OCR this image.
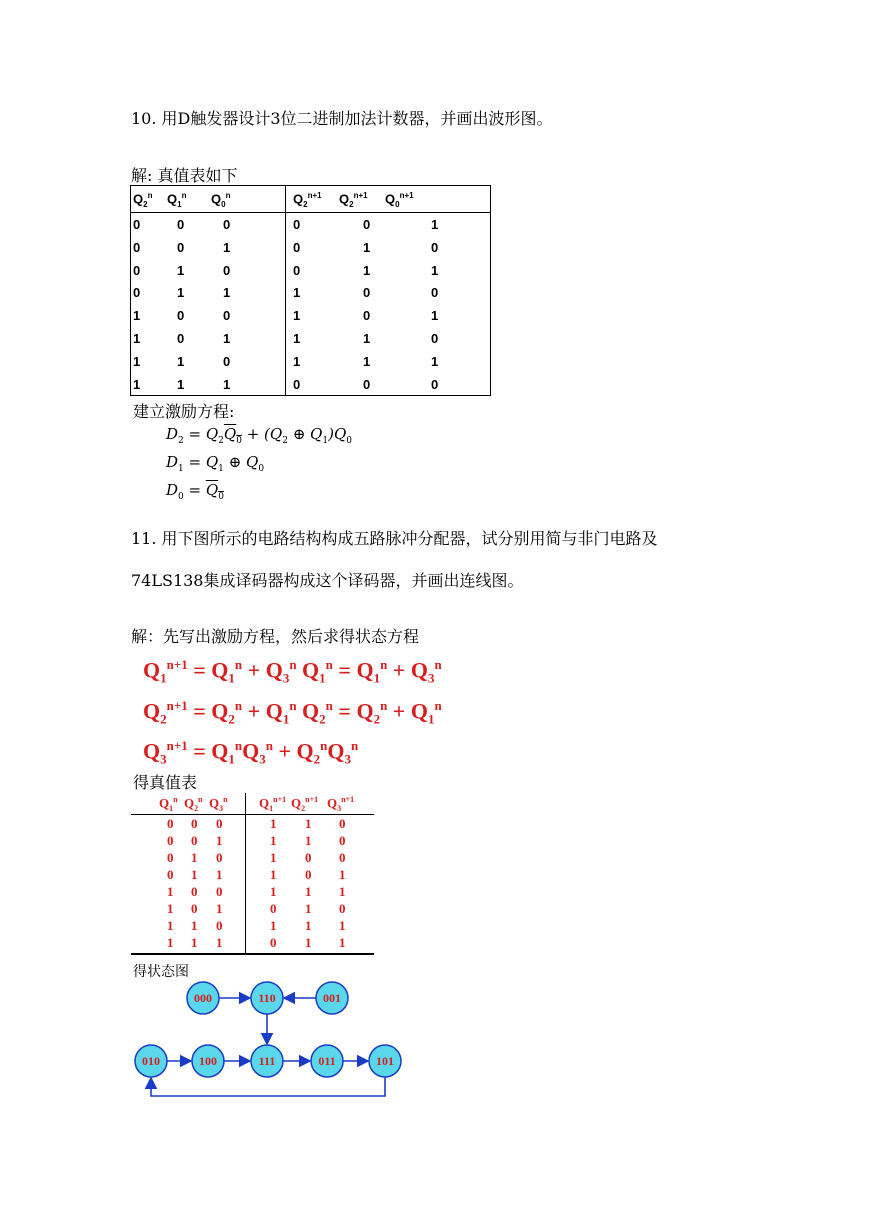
10. 用D触发器设计3位二进制加法计数器，并画出波形图。
解: 真值表如下
$Q_2^n$ $Q_1^n$ $Q_0^n$	$Q_2^{n+1}$ $Q_2^{n+1}$ $Q_0^{n+1}$
0	0	0	0	0	1
0	0	1	0	1	0
0	1	0	0	1	1
0	1	1	1	0	0
1	0	0	1	0	1
1	0	1	1	1	0
1	1	0	1	1	1
1	1	1	0	0	0
建立激励方程:
$D_2 = Q_2Q_0 + (Q_2$ ⊕ $Q_1)Q_0$
$D_1 = Q_1$ ⊕ $Q_0$
$D_0 = Q_0$
11. 用下图所示的电路结构构成五路脉冲分配器，试分别用简与非门电路及
74LS138集成译码器构成这个译码器，并画出连线图。
解：先写出激励方程，然后求得状态方程
$Q_1^{n+1} = Q_1^n + Q_3^n$ $Q_1^n = Q_1^n + Q_3^n$
$Q_2^{n+1} = Q_2^n + Q_1^n$ $Q_2^n = Q_2^n + Q_1^n$
$Q_3^{n+1} = Q_1^nQ_3^n + Q_2^nQ_3^n$
得真值表
$Q_1^n$ $Q_2^n$ $Q_3^n$ $Q_1^{n+1}$ $Q_2^{n+1}$ $Q_3^{n+1}$
0 0 0	1 1 0
0 0 1	1 1 0
0 1 0	1 0 0
0 1 1	1 0 1
1 0 0	1 1 1
1 0 1	0 1 0
1 1 0	1 1 1
1 1 1	0 1 1
得状态图
000	110	001
010	100	111	011	101
